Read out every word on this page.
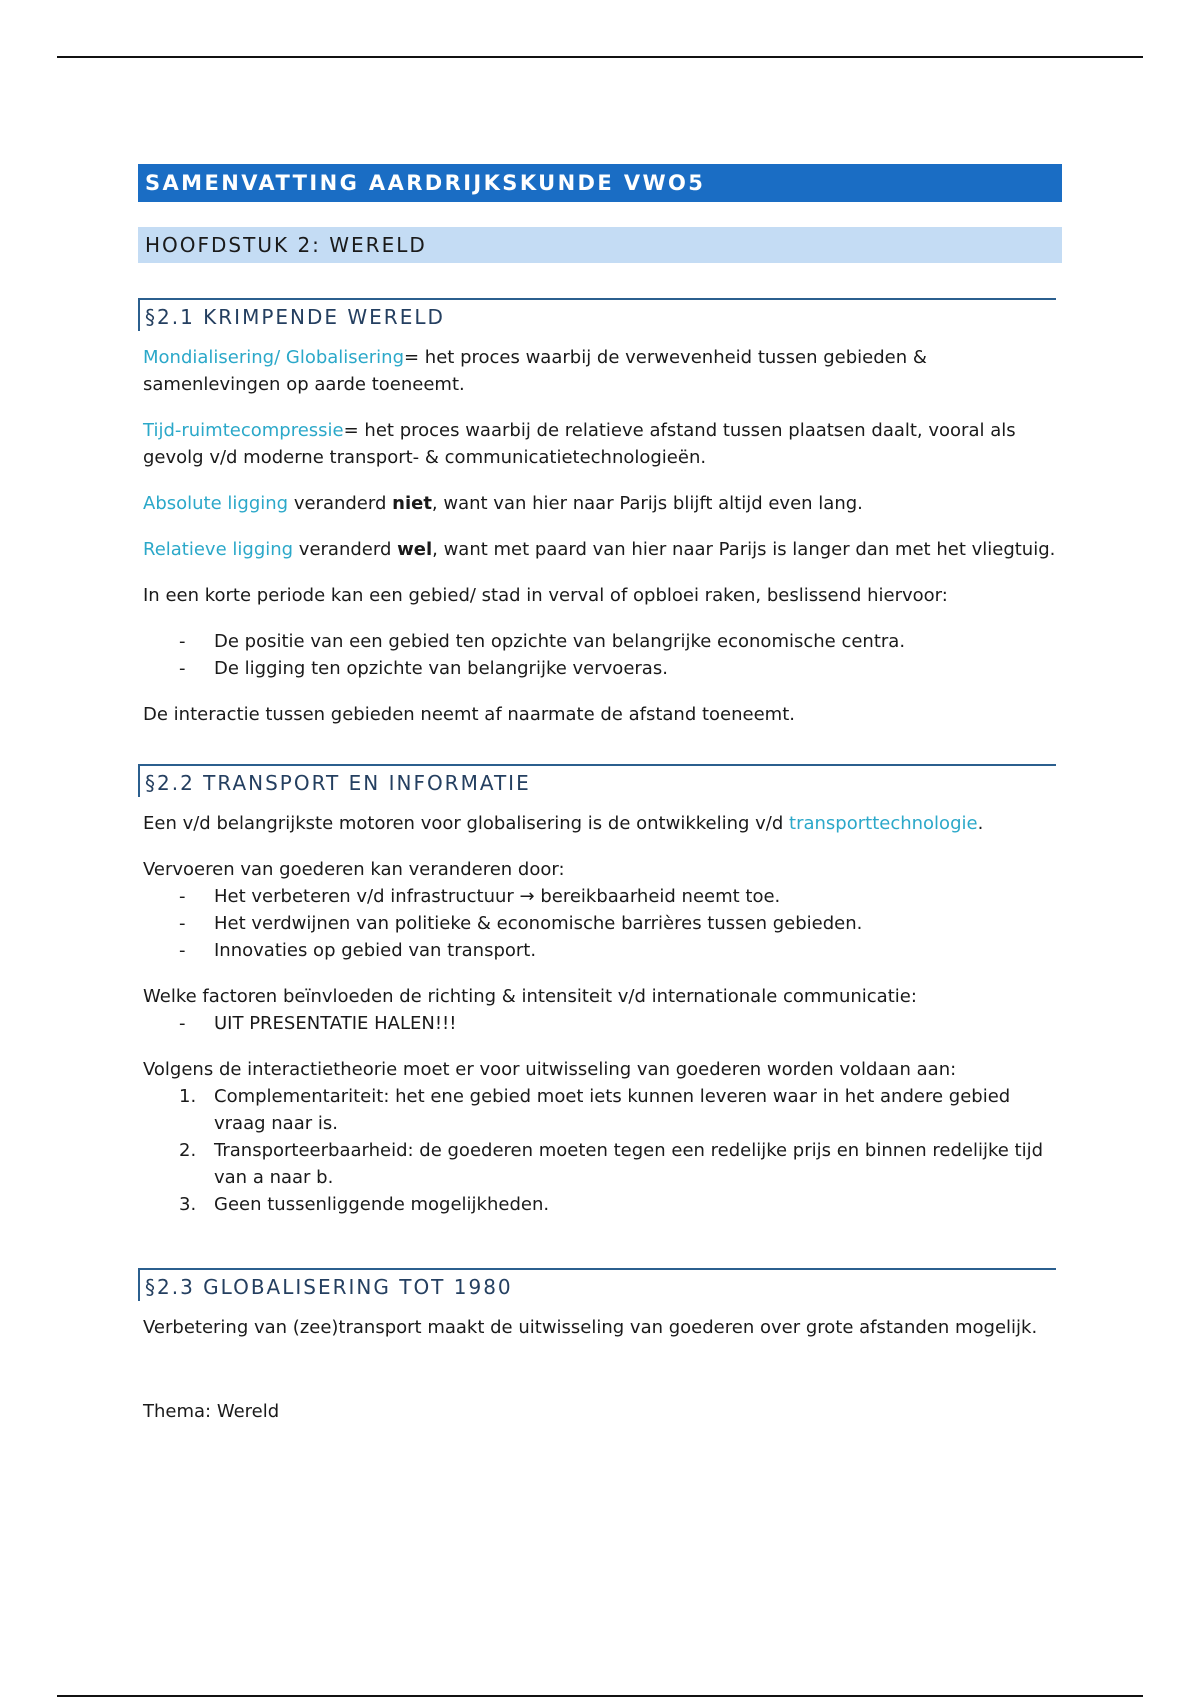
SAMENVATTING AARDRIJKSKUNDE VWO5
HOOFDSTUK 2: WERELD
§2.1 KRIMPENDE WERELD

Mondialisering/ Globalisering= het proces waarbij de verwevenheid tussen gebieden & samenlevingen op aarde toeneemt.

Tijd-ruimtecompressie= het proces waarbij de relatieve afstand tussen plaatsen daalt, vooral als gevolg v/d moderne transport- & communicatietechnologieën.

Absolute ligging veranderd niet, want van hier naar Parijs blijft altijd even lang.

Relatieve ligging veranderd wel, want met paard van hier naar Parijs is langer dan met het vliegtuig.

In een korte periode kan een gebied/ stad in verval of opbloei raken, beslissend hiervoor:

- De positie van een gebied ten opzichte van belangrijke economische centra.
- De ligging ten opzichte van belangrijke vervoeras.

De interactie tussen gebieden neemt af naarmate de afstand toeneemt.

§2.2 TRANSPORT EN INFORMATIE

Een v/d belangrijkste motoren voor globalisering is de ontwikkeling v/d transporttechnologie.

Vervoeren van goederen kan veranderen door:

- Het verbeteren v/d infrastructuur → bereikbaarheid neemt toe.
- Het verdwijnen van politieke & economische barrières tussen gebieden.
- Innovaties op gebied van transport.

Welke factoren beïnvloeden de richting & intensiteit v/d internationale communicatie:

- UIT PRESENTATIE HALEN!!!

Volgens de interactietheorie moet er voor uitwisseling van goederen worden voldaan aan:

1. Complementariteit: het ene gebied moet iets kunnen leveren waar in het andere gebied vraag naar is.
2. Transporteerbaarheid: de goederen moeten tegen een redelijke prijs en binnen redelijke tijd van a naar b.
3. Geen tussenliggende mogelijkheden.
§2.3 GLOBALISERING TOT 1980

Verbetering van (zee)transport maakt de uitwisseling van goederen over grote afstanden mogelijk.

Thema: Wereld
